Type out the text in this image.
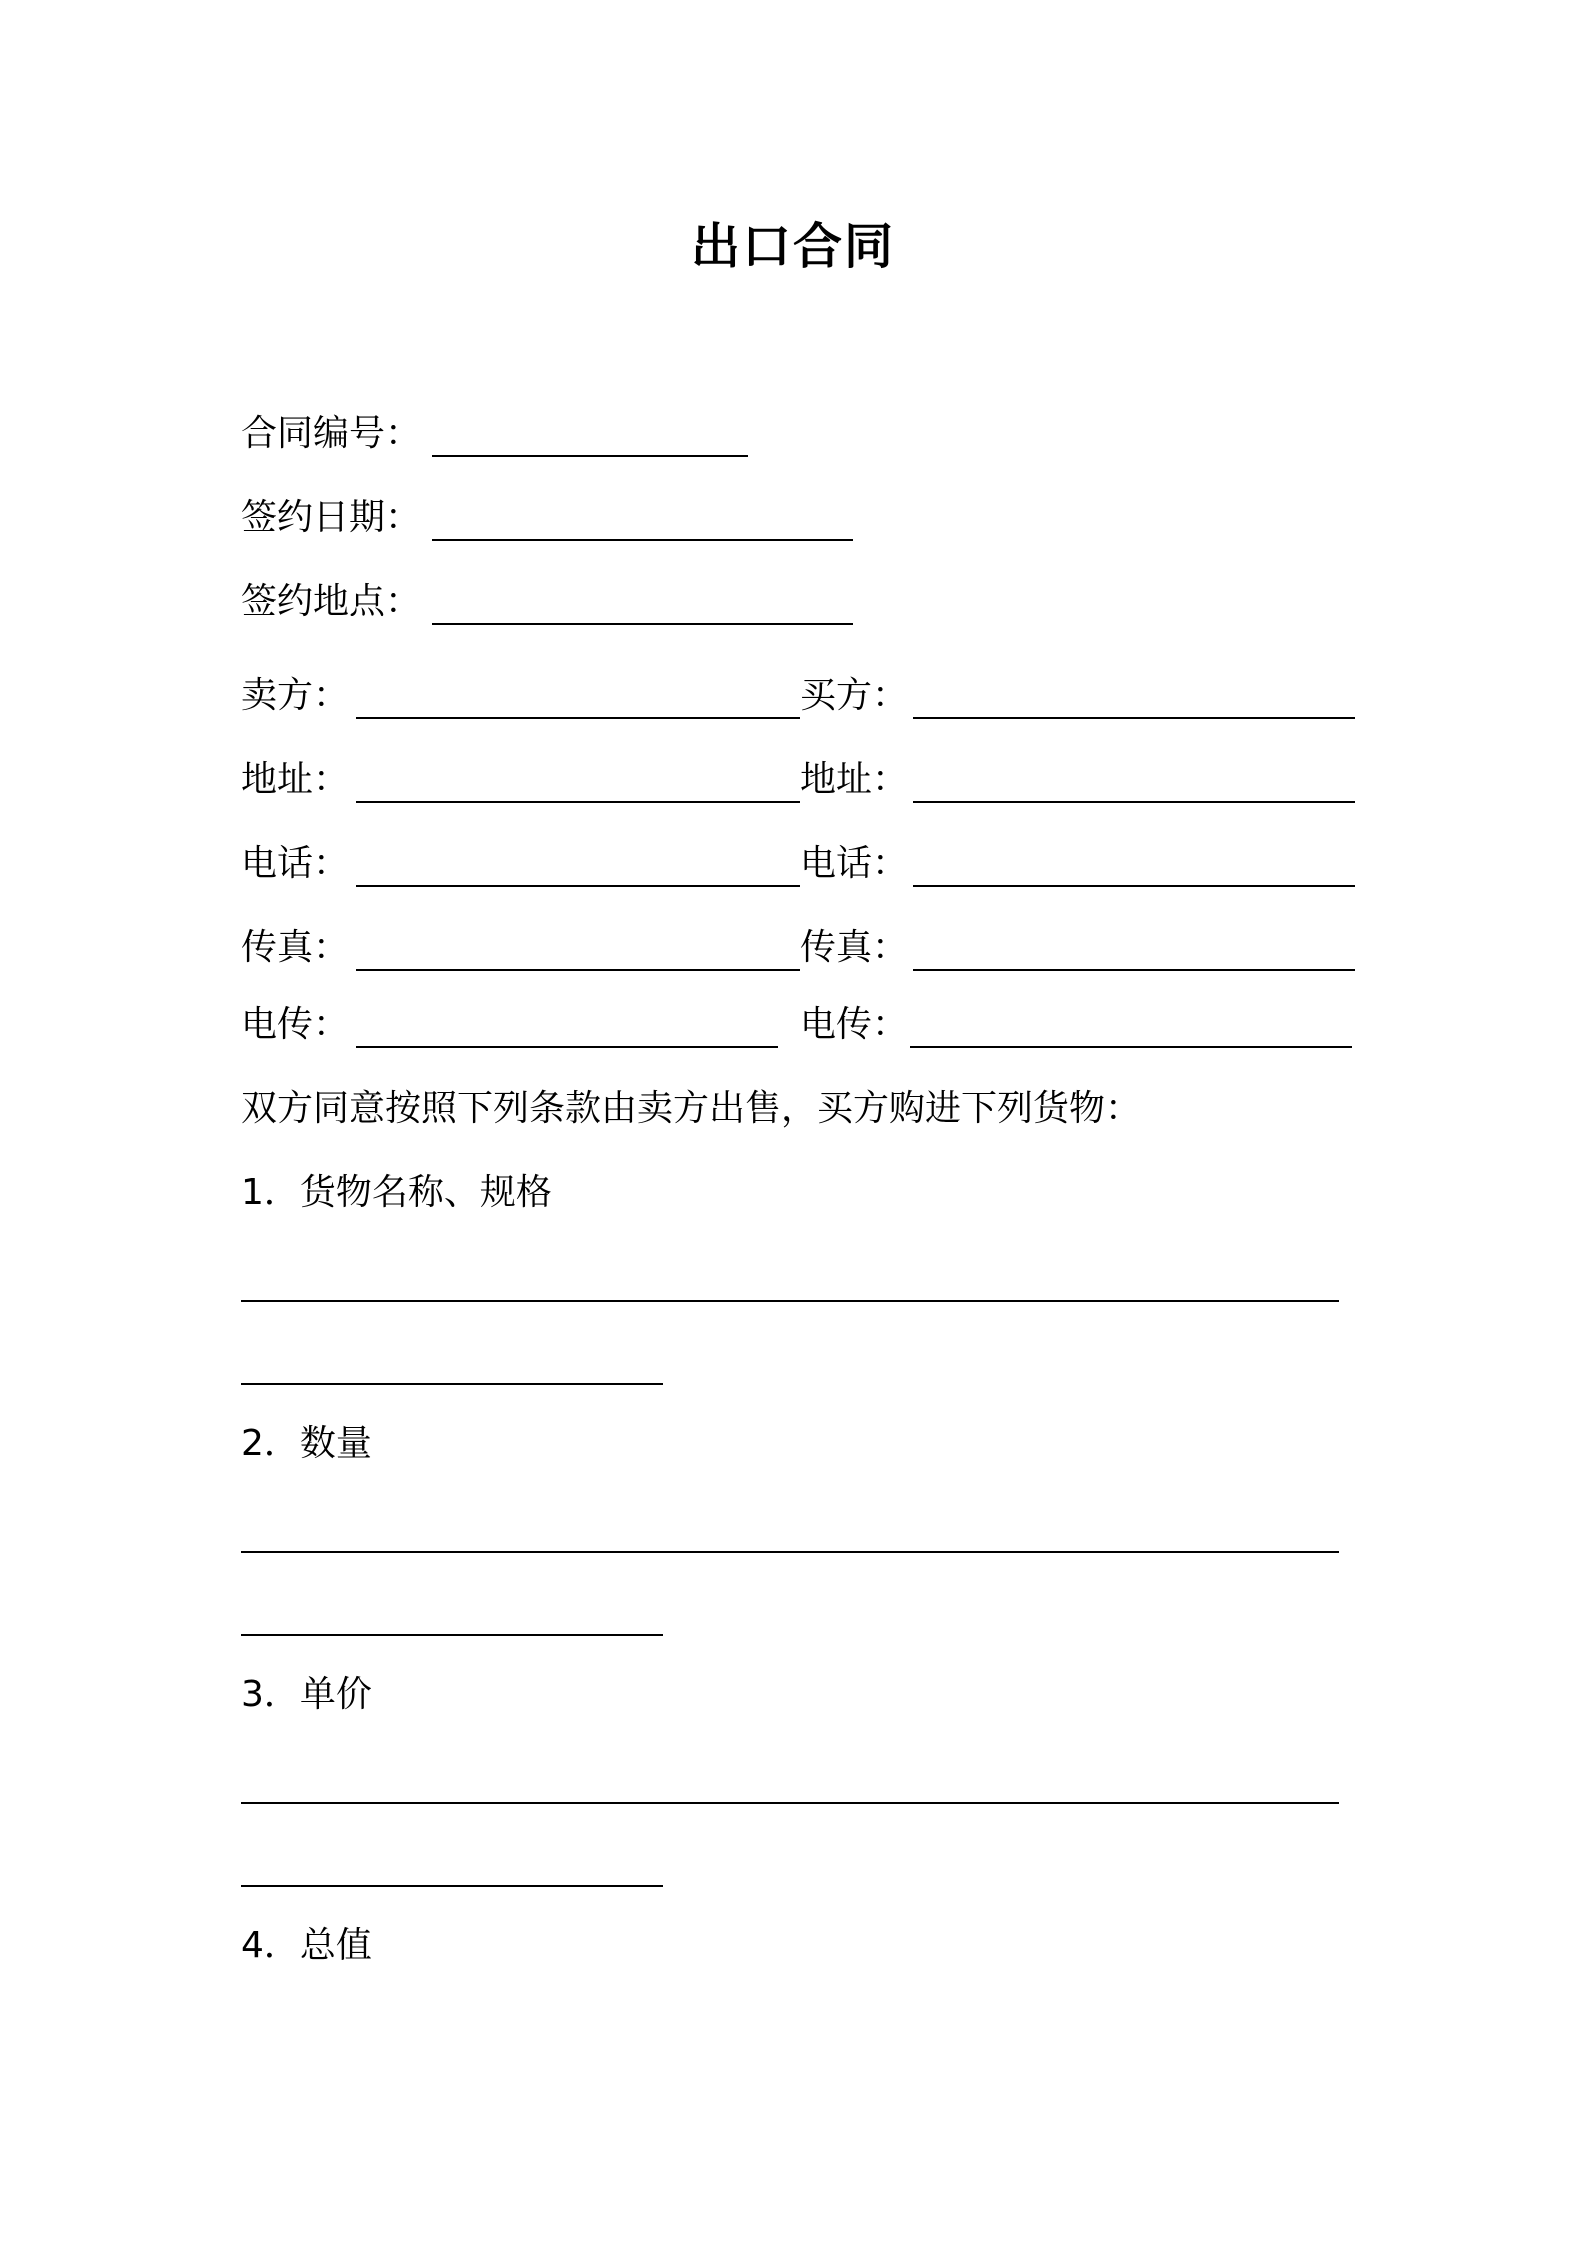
出口合同
合同编号：
签约日期：
签约地点：
卖方：
地址：
电话：
传真：
电传：
买方：
地址：
电话：
传真：
电传：
双方同意按照下列条款由卖方出售，买方购进下列货物：
1．货物名称、规格
2．数量
3．单价
4．总值
